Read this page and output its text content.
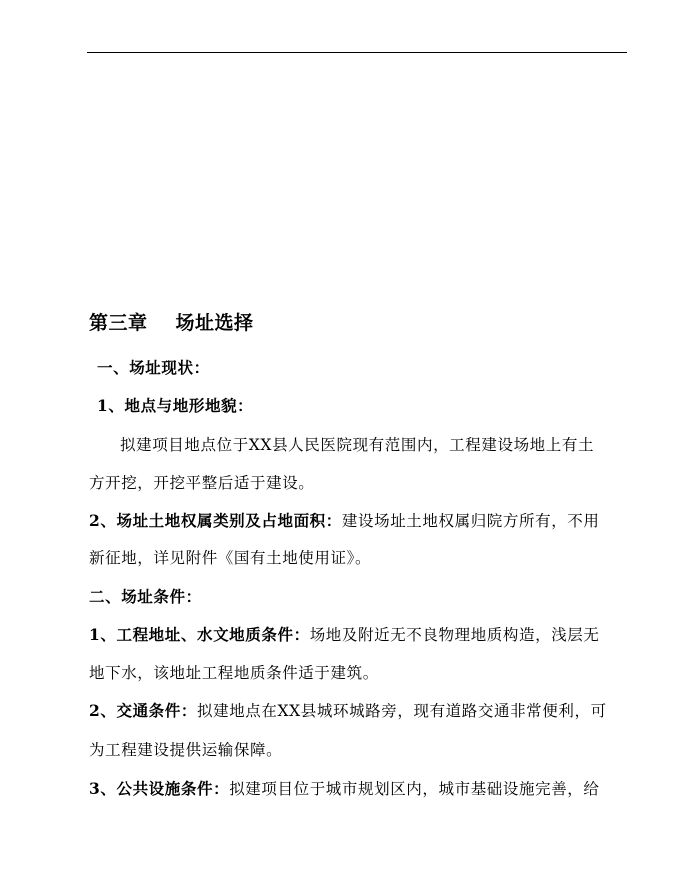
第三章 场址选择
一、场址现状：
1、地点与地形地貌：
拟建项目地点位于XX县人民医院现有范围内，工程建设场地上有土
方开挖，开挖平整后适于建设。
2、场址土地权属类别及占地面积：建设场址土地权属归院方所有，不用
新征地，详见附件《国有土地使用证》。
二、场址条件：
1、工程地址、水文地质条件：场地及附近无不良物理地质构造，浅层无
地下水，该地址工程地质条件适于建筑。
2、交通条件：拟建地点在XX县城环城路旁，现有道路交通非常便利，可
为工程建设提供运输保障。
3、公共设施条件：拟建项目位于城市规划区内，城市基础设施完善，给
